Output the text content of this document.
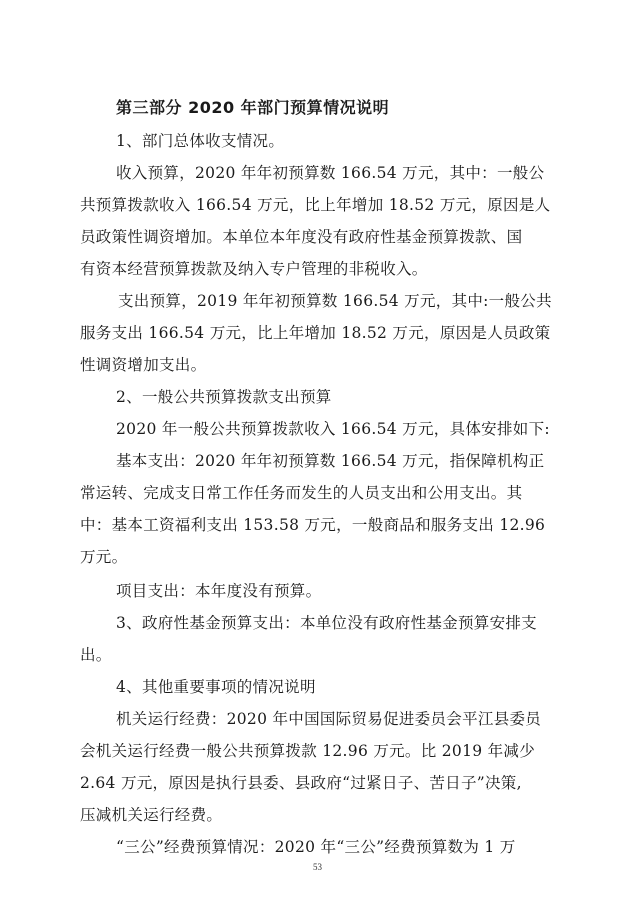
第三部分 2020 年部门预算情况说明
1、部门总体收支情况。
收入预算，2020 年年初预算数 166.54 万元，其中：一般公
共预算拨款收入 166.54 万元，比上年增加 18.52 万元，原因是人
员政策性调资增加。本单位本年度没有政府性基金预算拨款、国
有资本经营预算拨款及纳入专户管理的非税收入。
支出预算，2019 年年初预算数 166.54 万元，其中:一般公共
服务支出 166.54 万元，比上年增加 18.52 万元，原因是人员政策
性调资增加支出。
2、一般公共预算拨款支出预算
2020 年一般公共预算拨款收入 166.54 万元，具体安排如下:
基本支出：2020 年年初预算数 166.54 万元，指保障机构正
常运转、完成支日常工作任务而发生的人员支出和公用支出。其
中：基本工资福利支出 153.58 万元，一般商品和服务支出 12.96
万元。
项目支出：本年度没有预算。
3、政府性基金预算支出：本单位没有政府性基金预算安排支
出。
4、其他重要事项的情况说明
机关运行经费：2020 年中国国际贸易促进委员会平江县委员
会机关运行经费一般公共预算拨款 12.96 万元。比 2019 年减少
2.64 万元，原因是执行县委、县政府“过紧日子、苦日子”决策,
压减机关运行经费。
“三公”经费预算情况：2020 年“三公”经费预算数为 1 万
53
